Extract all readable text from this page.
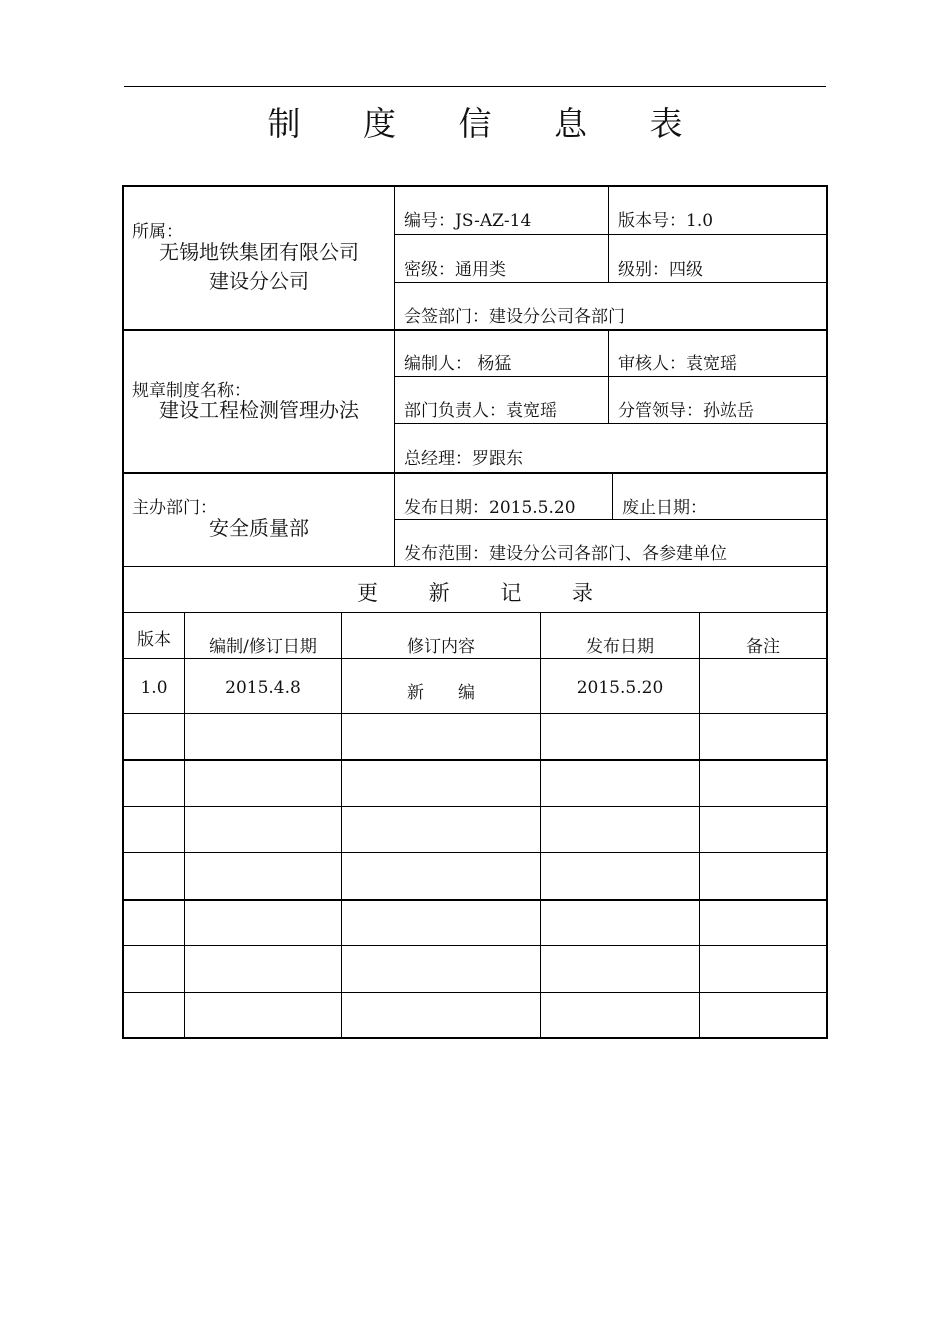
制 度 信 息 表
所属：
无锡地铁集团有限公司
建设分公司
编号：JS-AZ-14	版本号：1.0
密级：通用类	级别：四级
会签部门：建设分公司各部门
规章制度名称：
建设工程检测管理办法
编制人： 杨猛	审核人：袁宽瑶
部门负责人：袁宽瑶	分管领导：孙竑岳
总经理：罗跟东
主办部门：
安全质量部
发布日期：2015.5.20	废止日期：
发布范围：建设分公司各部门、各参建单位
更 新 记 录
版本	编制/修订日期	修订内容	发布日期	备注
1.0	2015.4.8	新　　编	2015.5.20
